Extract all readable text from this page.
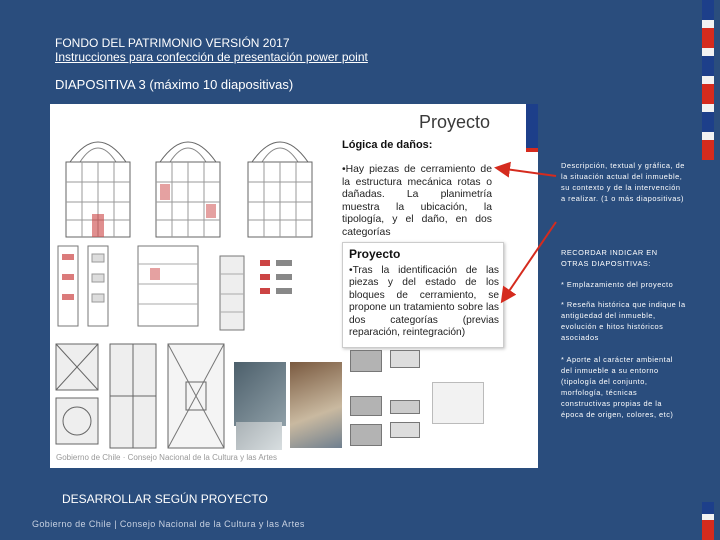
FONDO DEL PATRIMONIO VERSIÓN 2017
Instrucciones para confección de presentación power point
DIAPOSITIVA 3 (máximo 10 diapositivas)
Proyecto
Lógica de daños:
•Hay piezas de cerramiento de la estructura mecánica rotas o dañadas. La planimetría muestra la ubicación, la tipología, y el daño, en dos categorías
Proyecto
•Tras la identificación de las piezas y del estado de los bloques de cerramiento, se propone un tratamiento sobre las dos categorías (previas reparación, reintegración)
Gobierno de Chile · Consejo Nacional de la Cultura y las Artes
Descripción, textual y gráfica, de la situación actual del inmueble, su contexto y de la intervención a realizar. (1 o más diapositivas)
RECORDAR INDICAR EN OTRAS DIAPOSITIVAS:
* Emplazamiento del proyecto
* Reseña histórica que indique la antigüedad del inmueble, evolución e hitos históricos asociados
* Aporte al carácter ambiental del inmueble a su entorno (tipología del conjunto, morfología, técnicas constructivas propias de la época de origen, colores, etc)
DESARROLLAR SEGÚN PROYECTO
Gobierno de Chile | Consejo Nacional de la Cultura y las Artes
